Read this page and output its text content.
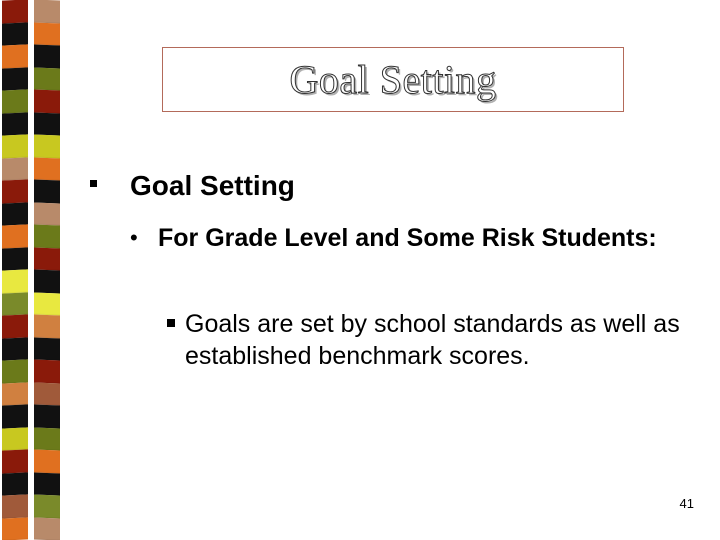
Goal Setting
Goal Setting
• For Grade Level and Some Risk Students:
Goals are set by school standards as well as established benchmark scores.
41
